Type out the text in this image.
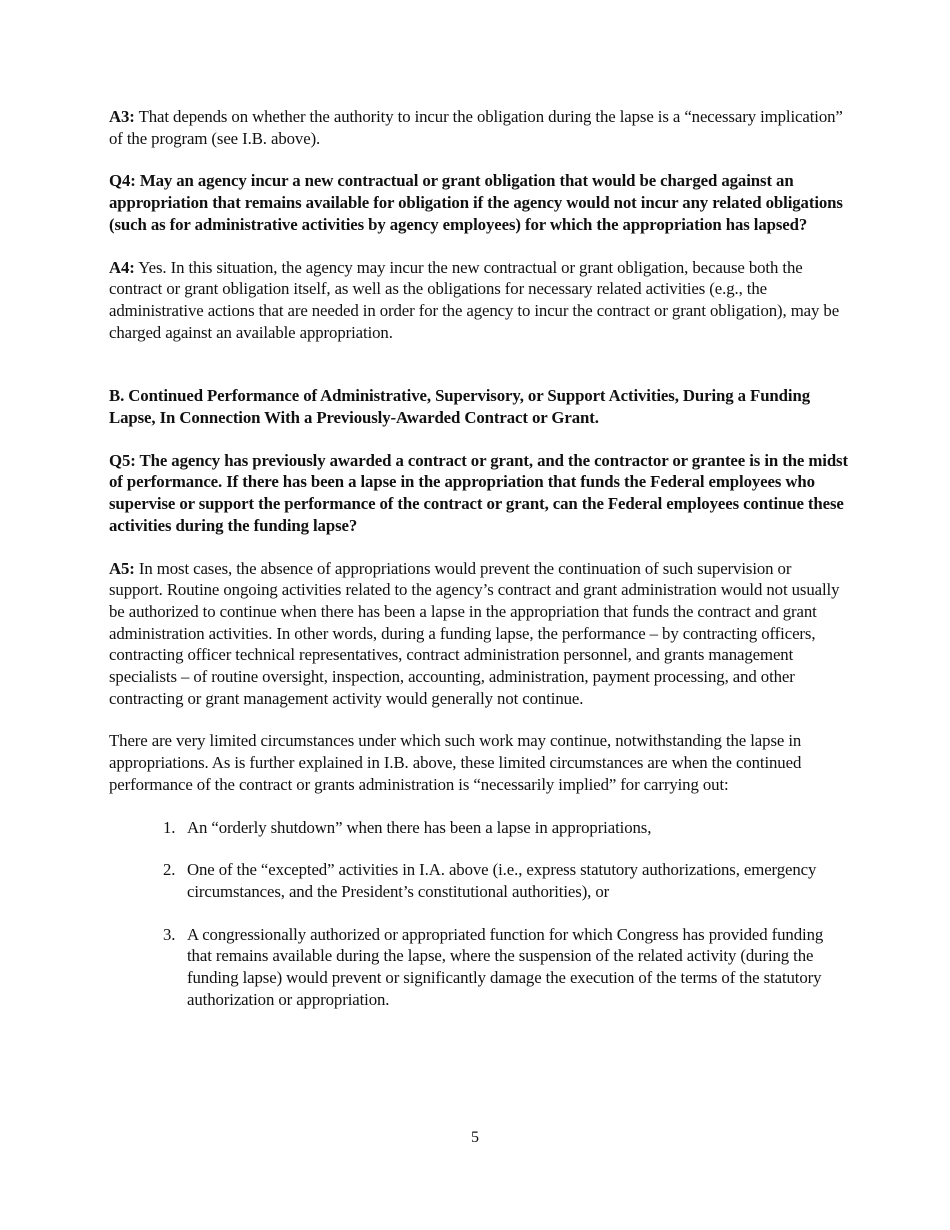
A3: That depends on whether the authority to incur the obligation during the lapse is a “necessary implication” of the program (see I.B. above).

Q4: May an agency incur a new contractual or grant obligation that would be charged against an appropriation that remains available for obligation if the agency would not incur any related obligations (such as for administrative activities by agency employees) for which the appropriation has lapsed?

A4: Yes. In this situation, the agency may incur the new contractual or grant obligation, because both the contract or grant obligation itself, as well as the obligations for necessary related activities (e.g., the administrative actions that are needed in order for the agency to incur the contract or grant obligation), may be charged against an available appropriation.

B. Continued Performance of Administrative, Supervisory, or Support Activities, During a Funding Lapse, In Connection With a Previously-Awarded Contract or Grant.

Q5: The agency has previously awarded a contract or grant, and the contractor or grantee is in the midst of performance. If there has been a lapse in the appropriation that funds the Federal employees who supervise or support the performance of the contract or grant, can the Federal employees continue these activities during the funding lapse?

A5: In most cases, the absence of appropriations would prevent the continuation of such supervision or support. Routine ongoing activities related to the agency’s contract and grant administration would not usually be authorized to continue when there has been a lapse in the appropriation that funds the contract and grant administration activities. In other words, during a funding lapse, the performance – by contracting officers, contracting officer technical representatives, contract administration personnel, and grants management specialists – of routine oversight, inspection, accounting, administration, payment processing, and other contracting or grant management activity would generally not continue.

There are very limited circumstances under which such work may continue, notwithstanding the lapse in appropriations. As is further explained in I.B. above, these limited circumstances are when the continued performance of the contract or grants administration is “necessarily implied” for carrying out:

1. An “orderly shutdown” when there has been a lapse in appropriations,

2. One of the “excepted” activities in I.A. above (i.e., express statutory authorizations, emergency circumstances, and the President’s constitutional authorities), or

3. A congressionally authorized or appropriated function for which Congress has provided funding that remains available during the lapse, where the suspension of the related activity (during the funding lapse) would prevent or significantly damage the execution of the terms of the statutory authorization or appropriation.

5
